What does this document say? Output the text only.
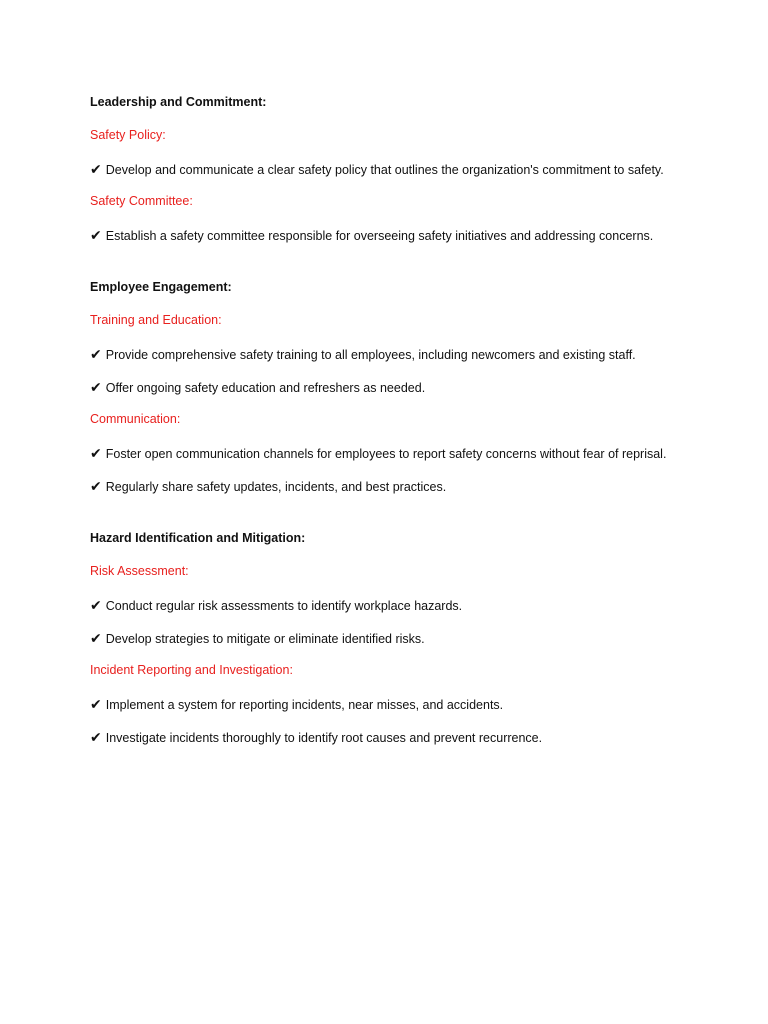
Leadership and Commitment:
Safety Policy:
✔ Develop and communicate a clear safety policy that outlines the organization's commitment to safety.
Safety Committee:
✔ Establish a safety committee responsible for overseeing safety initiatives and addressing concerns.
Employee Engagement:
Training and Education:
✔ Provide comprehensive safety training to all employees, including newcomers and existing staff.
✔ Offer ongoing safety education and refreshers as needed.
Communication:
✔ Foster open communication channels for employees to report safety concerns without fear of reprisal.
✔ Regularly share safety updates, incidents, and best practices.
Hazard Identification and Mitigation:
Risk Assessment:
✔ Conduct regular risk assessments to identify workplace hazards.
✔ Develop strategies to mitigate or eliminate identified risks.
Incident Reporting and Investigation:
✔ Implement a system for reporting incidents, near misses, and accidents.
✔ Investigate incidents thoroughly to identify root causes and prevent recurrence.
